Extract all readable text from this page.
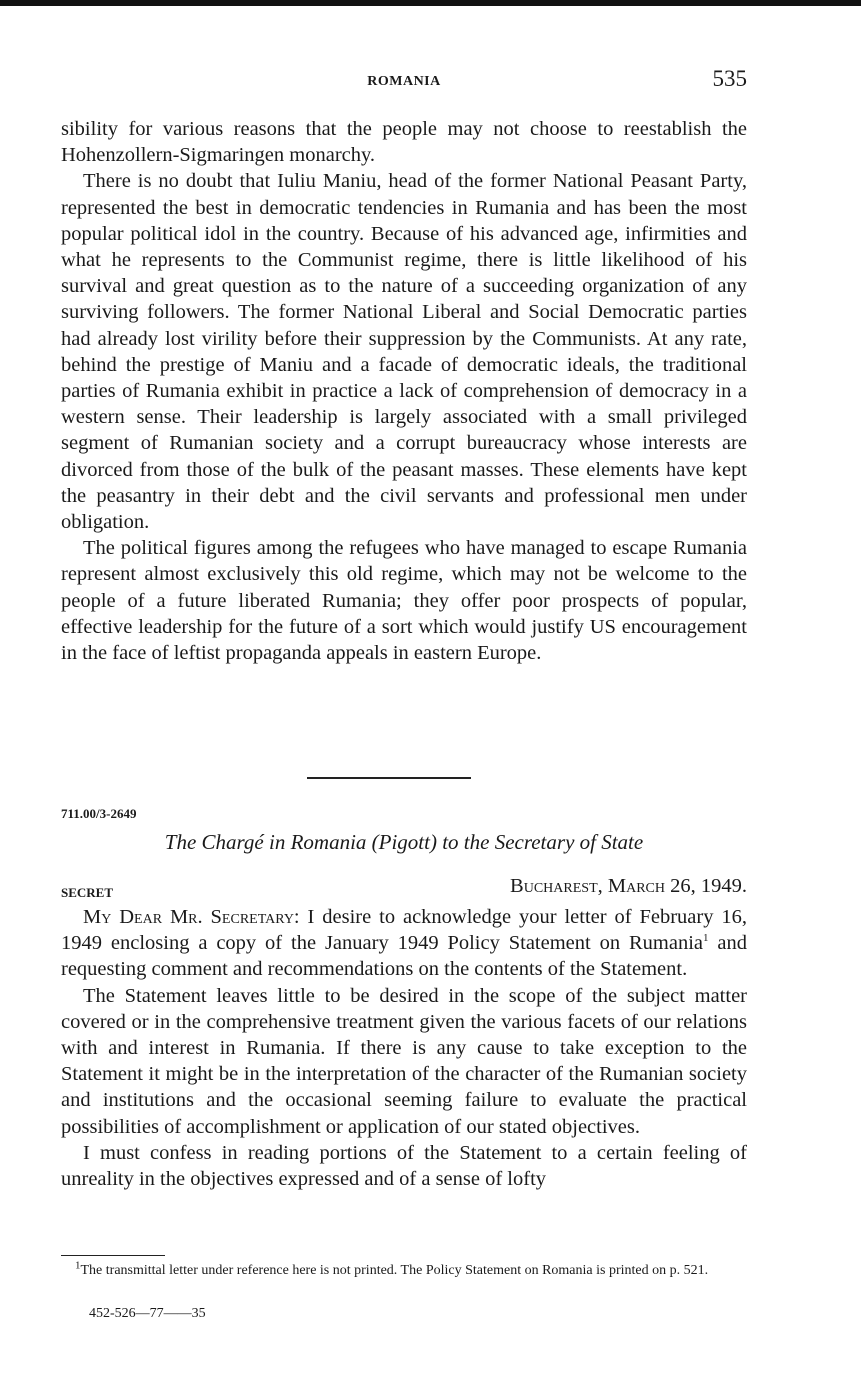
ROMANIA	535

sibility for various reasons that the people may not choose to reestablish the Hohenzollern-Sigmaringen monarchy.

There is no doubt that Iuliu Maniu, head of the former National Peasant Party, represented the best in democratic tendencies in Rumania and has been the most popular political idol in the country. Because of his advanced age, infirmities and what he represents to the Communist regime, there is little likelihood of his survival and great question as to the nature of a succeeding organization of any surviving followers. The former National Liberal and Social Democratic parties had already lost virility before their suppression by the Communists. At any rate, behind the prestige of Maniu and a facade of democratic ideals, the traditional parties of Rumania exhibit in practice a lack of comprehension of democracy in a western sense. Their leadership is largely associated with a small privileged segment of Rumanian society and a corrupt bureaucracy whose interests are divorced from those of the bulk of the peasant masses. These elements have kept the peasantry in their debt and the civil servants and professional men under obligation.

The political figures among the refugees who have managed to escape Rumania represent almost exclusively this old regime, which may not be welcome to the people of a future liberated Rumania; they offer poor prospects of popular, effective leadership for the future of a sort which would justify US encouragement in the face of leftist propaganda appeals in eastern Europe.

711.00/3-2649
The Chargé in Romania (Pigott) to the Secretary of State
SECRET	Bucharest, March 26, 1949.

My Dear Mr. Secretary: I desire to acknowledge your letter of February 16, 1949 enclosing a copy of the January 1949 Policy Statement on Rumania$^1$ and requesting comment and recommendations on the contents of the Statement.

The Statement leaves little to be desired in the scope of the subject matter covered or in the comprehensive treatment given the various facets of our relations with and interest in Rumania. If there is any cause to take exception to the Statement it might be in the interpretation of the character of the Rumanian society and institutions and the occasional seeming failure to evaluate the practical possibilities of accomplishment or application of our stated objectives.

I must confess in reading portions of the Statement to a certain feeling of unreality in the objectives expressed and of a sense of lofty

$^1$The transmittal letter under reference here is not printed. The Policy Statement on Romania is printed on p. 521.
452-526—77——35
